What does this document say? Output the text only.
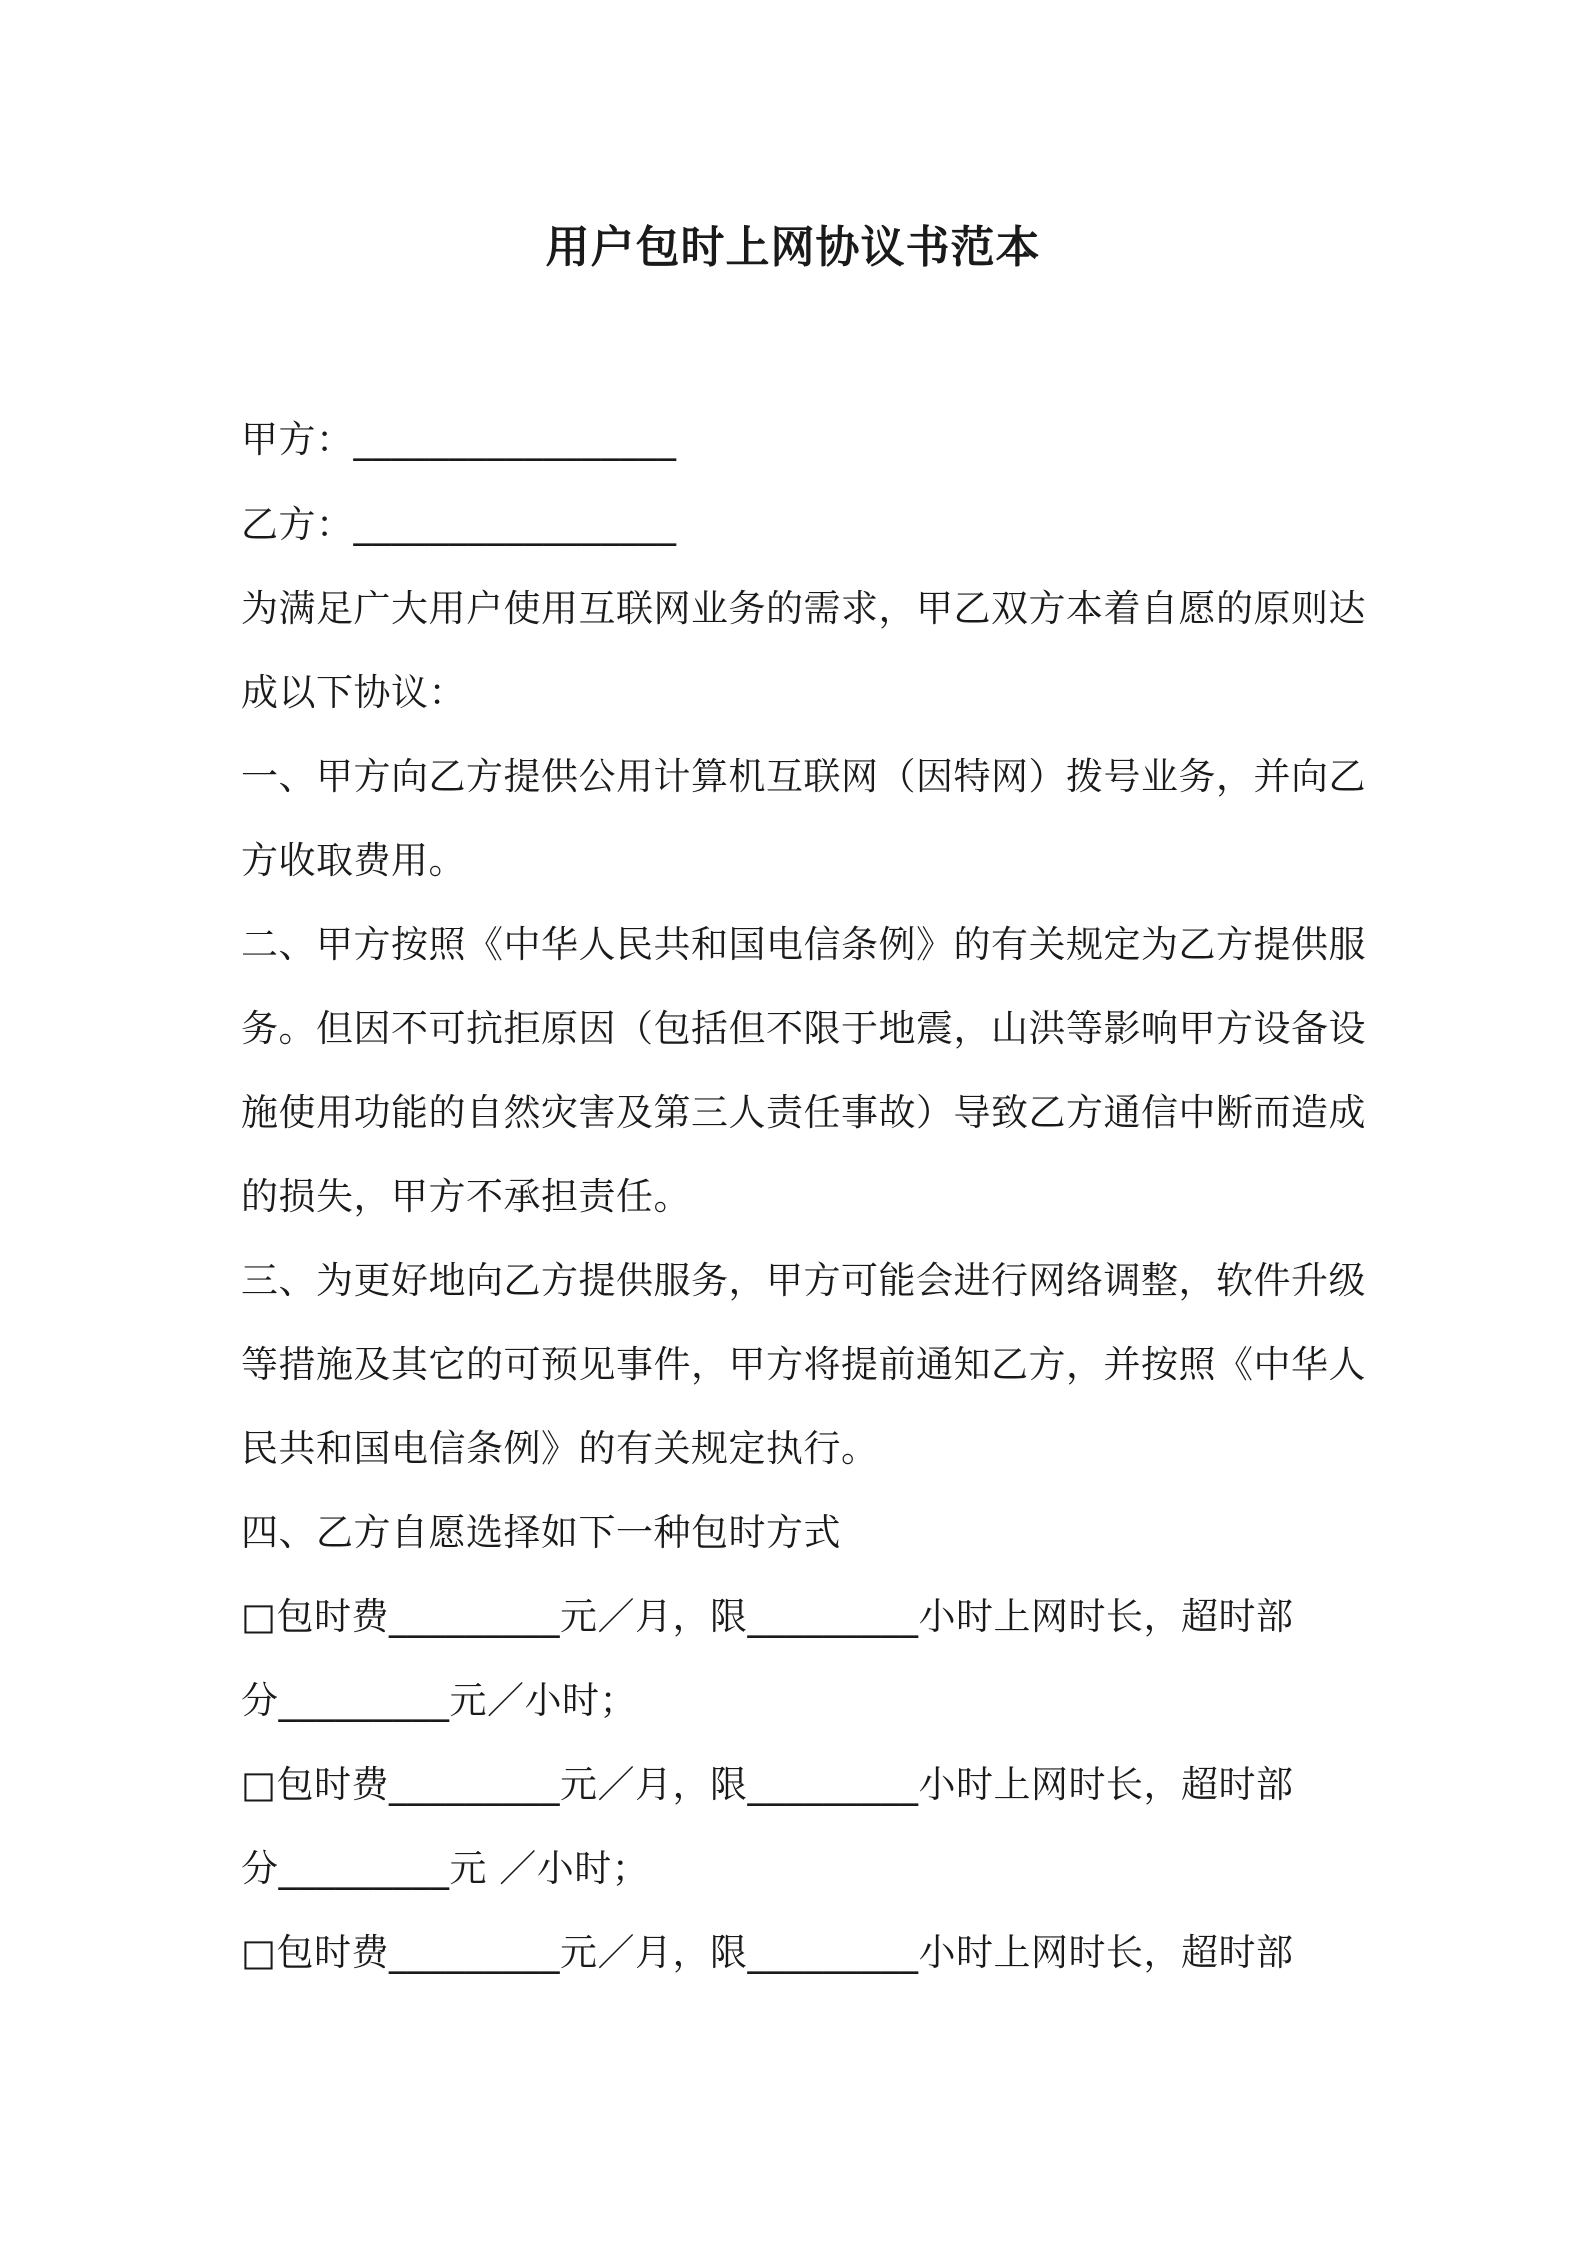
用户包时上网协议书范本
甲方：_________________
乙方：_________________
为满足广大用户使用互联网业务的需求，甲乙双方本着自愿的原则达
成以下协议：
一、甲方向乙方提供公用计算机互联网（因特网）拨号业务，并向乙
方收取费用。
二、甲方按照《中华人民共和国电信条例》的有关规定为乙方提供服
务。但因不可抗拒原因（包括但不限于地震，山洪等影响甲方设备设
施使用功能的自然灾害及第三人责任事故）导致乙方通信中断而造成
的损失，甲方不承担责任。
三、为更好地向乙方提供服务，甲方可能会进行网络调整，软件升级
等措施及其它的可预见事件，甲方将提前通知乙方，并按照《中华人
民共和国电信条例》的有关规定执行。
四、乙方自愿选择如下一种包时方式
□包时费_________元／月，限_________小时上网时长，超时部
分_________元／小时；
□包时费_________元／月，限_________小时上网时长，超时部
分_________元 ／小时；
□包时费_________元／月，限_________小时上网时长，超时部
